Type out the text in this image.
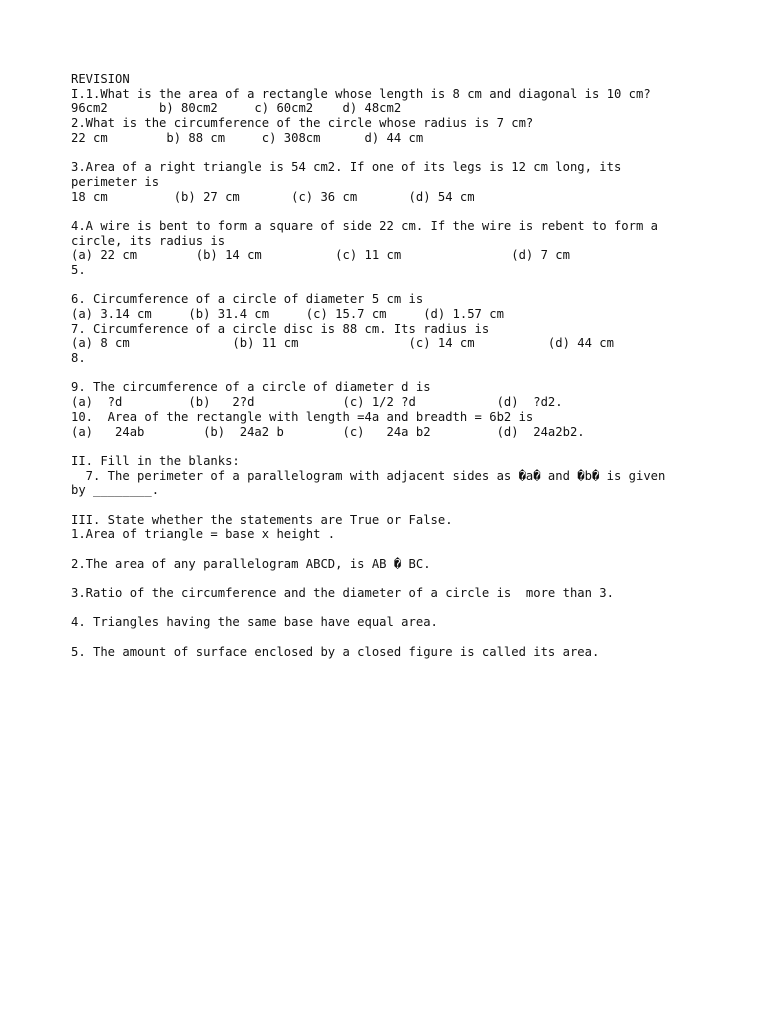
REVISION
I.1.What is the area of a rectangle whose length is 8 cm and diagonal is 10 cm?
96cm2       b) 80cm2     c) 60cm2    d) 48cm2
2.What is the circumference of the circle whose radius is 7 cm?
22 cm        b) 88 cm     c) 308cm      d) 44 cm
3.Area of a right triangle is 54 cm2. If one of its legs is 12 cm long, its
perimeter is
18 cm         (b) 27 cm       (c) 36 cm       (d) 54 cm
4.A wire is bent to form a square of side 22 cm. If the wire is rebent to form a
circle, its radius is
(a) 22 cm        (b) 14 cm          (c) 11 cm               (d) 7 cm
5.
6. Circumference of a circle of diameter 5 cm is
(a) 3.14 cm     (b) 31.4 cm     (c) 15.7 cm     (d) 1.57 cm
7. Circumference of a circle disc is 88 cm. Its radius is
(a) 8 cm              (b) 11 cm               (c) 14 cm          (d) 44 cm
8.
9. The circumference of a circle of diameter d is
(a)  ?d         (b)   2?d            (c) 1/2 ?d           (d)  ?d2.
10.  Area of the rectangle with length =4a and breadth = 6b2 is
(a)   24ab        (b)  24a2 b        (c)   24a b2         (d)  24a2b2.
II. Fill in the blanks:
7. The perimeter of a parallelogram with adjacent sides as �a� and �b� is given
by ________.
III. State whether the statements are True or False.
1.Area of triangle = base x height .
2.The area of any parallelogram ABCD, is AB � BC.
3.Ratio of the circumference and the diameter of a circle is  more than 3.
4. Triangles having the same base have equal area.
5. The amount of surface enclosed by a closed figure is called its area.
